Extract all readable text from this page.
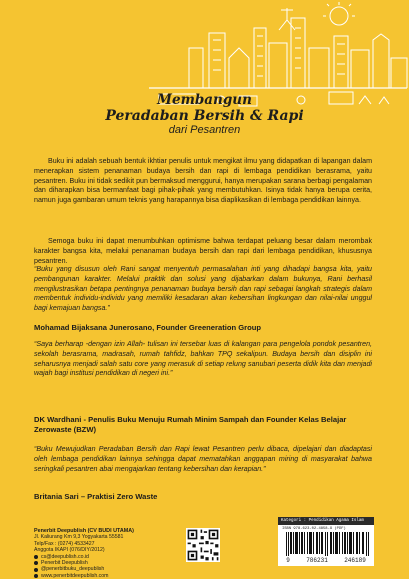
Membangun
Peradaban Bersih & Rapi
dari Pesantren

Buku ini adalah sebuah bentuk ikhtiar penulis untuk mengikat ilmu yang didapatkan di lapangan dalam menerapkan sistem penanaman budaya bersih dan rapi di lembaga pendidikan berasrama, yaitu pesantren. Buku ini tidak sedikit pun bermaksud menggurui, hanya merupakan sarana berbagi pengalaman dan diharapkan bisa bermanfaat bagi pihak-pihak yang membutuhkan. Isinya tidak hanya berupa cerita, namun juga gambaran umum teknis yang harapannya bisa diaplikasikan di lembaga pendidikan lainnya.

Semoga buku ini dapat menumbuhkan optimisme bahwa terdapat peluang besar dalam merombak karakter bangsa kita, melalui penanaman budaya bersih dan rapi dari lembaga pendidikan, khususnya pesantren.

“Buku yang disusun oleh Rani sangat menyentuh permasalahan inti yang dihadapi bangsa kita, yaitu pembangunan karakter. Melalui praktik dan solusi yang dijabarkan dalam bukunya, Rani berhasil mengilustrasikan betapa pentingnya penanaman budaya bersih dan rapi sebagai langkah strategis dalam membentuk individu-individu yang memiliki kesadaran akan kebersihan lingkungan dan nilai-nilai unggul bagi kemajuan bangsa.”

Mohamad Bijaksana Junerosano, Founder Greeneration Group

“Saya berharap -dengan izin Allah- tulisan ini tersebar luas di kalangan para pengelola pondok pesantren, sekolah berasrama, madrasah, rumah tahfidz, bahkan TPQ sekalipun. Budaya bersih dan disiplin ini seharusnya menjadi salah satu core yang merasuk di setiap relung sanubari peserta didik kita dan menjadi wajah bagi institusi pendidikan di negeri ini.”

DK Wardhani - Penulis Buku Menuju Rumah Minim Sampah dan Founder Kelas Belajar Zerowaste (BZW)

“Buku Mewujudkan Peradaban Bersih dan Rapi lewat Pesantren perlu dibaca, dipelajari dan diadaptasi oleh lembaga pendidikan lainnya sehingga dapat mematahkan anggapan miring di masyarakat bahwa seringkali pesantren abai mengajarkan tentang kebersihan dan kerapian.”

Britania Sari – Praktisi Zero Waste

Penerbit Deepublish (CV BUDI UTAMA)
Jl. Kaliurang Km 9,3 Yogyakarta 55581
Telp/Fax : (0274) 4533427
Anggota IKAPI (076/DIY/2012)
cs@deepublish.co.id
Penerbit Deepublish
@penerbitbuku_deepublish
www.penerbitdeepublish.com
Kategori : Pendidikan Agama Islam
ISBN 978-623-02-4858-9 (PDF)
9	786231	246189
